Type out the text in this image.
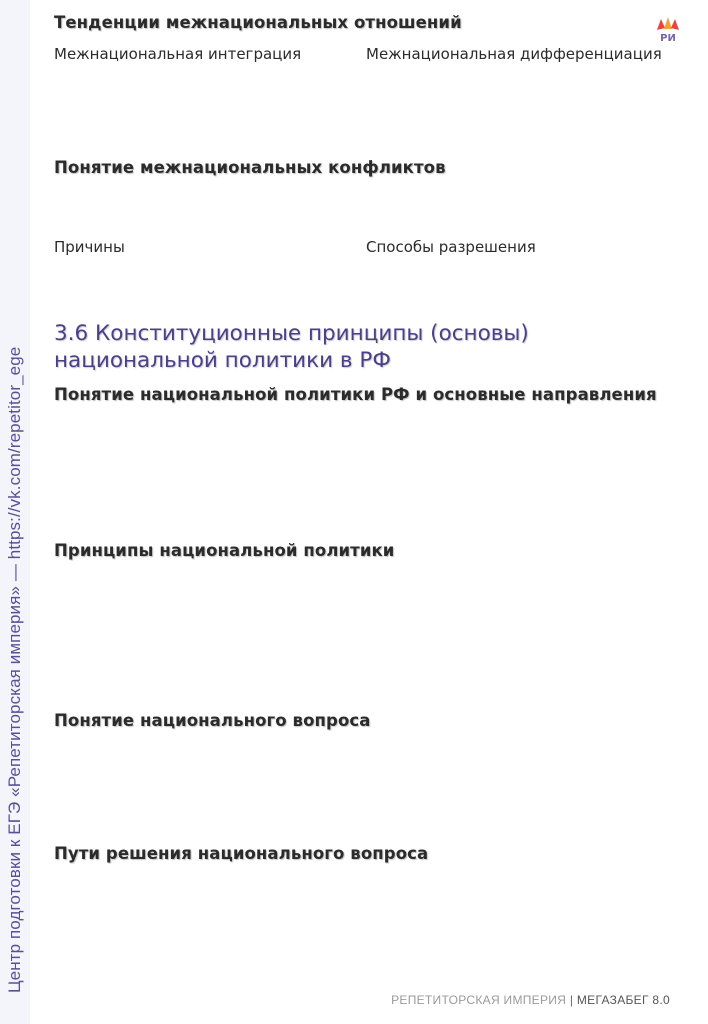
Центр подготовки к ЕГЭ «Репетиторская империя» — https://vk.com/repetitor_ege
РИ
Тенденции межнациональных отношений
Межнациональная интеграция	Межнациональная дифференциация
Понятие межнациональных конфликтов
Причины	Способы разрешения
3.6 Конституционные принципы (основы)
национальной политики в РФ
Понятие национальной политики РФ и основные направления
Принципы национальной политики
Понятие национального вопроса
Пути решения национального вопроса
РЕПЕТИТОРСКАЯ ИМПЕРИЯ | МЕГАЗАБЕГ 8.0
